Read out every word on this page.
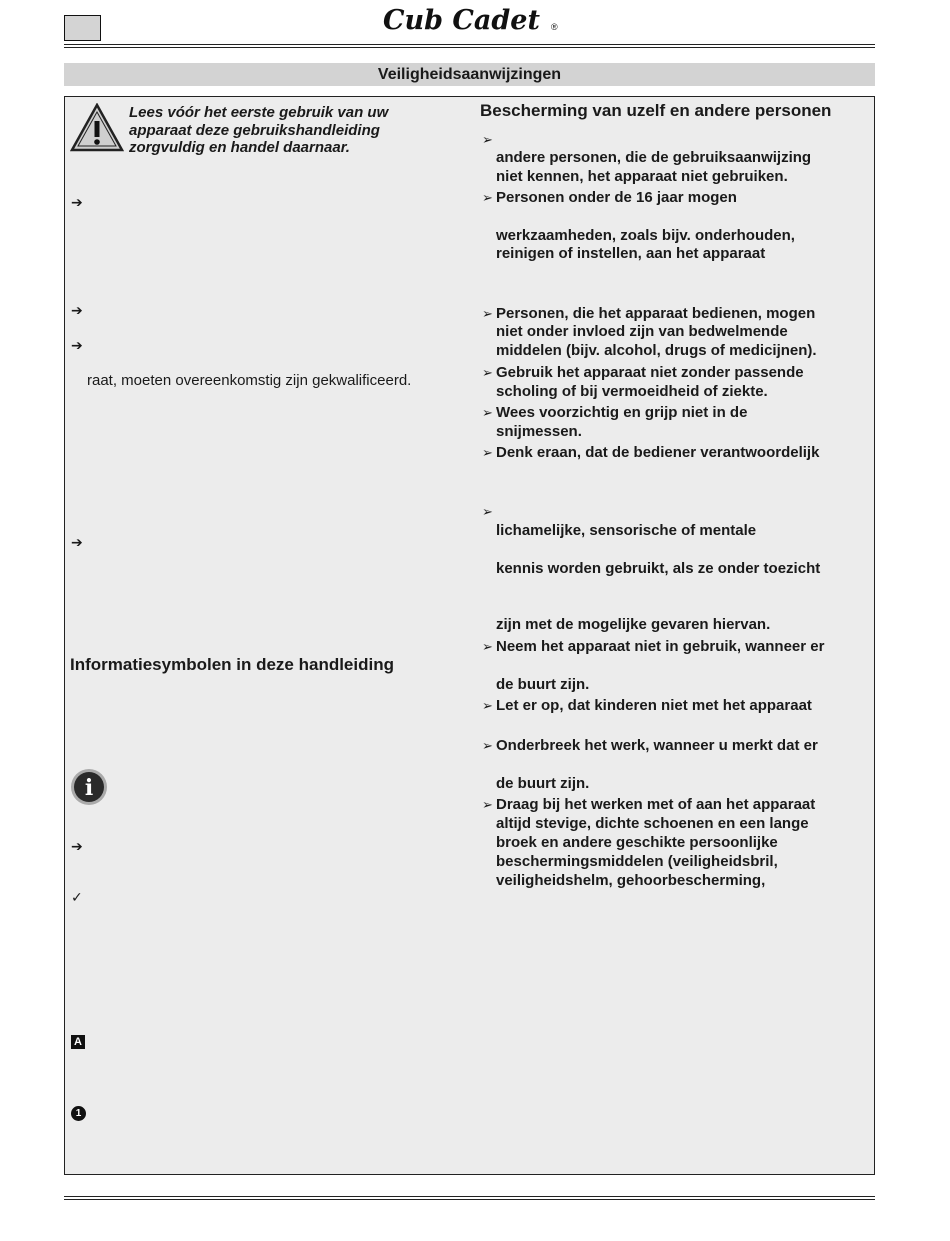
Cub Cadet ®
Veiligheidsaanwijzingen
Lees vóór het eerste gebruik van uw
apparaat deze gebruikshandleiding
zorgvuldig en handel daarnaar.
➔
➔
➔
raat, moeten overeenkomstig zijn gekwalificeerd.
➔
Informatiesymbolen in deze handleiding
i
➔
✓
A
1
Bescherming van uzelf en andere personen
➢
andere personen, die de gebruiksaanwijzing
niet kennen, het apparaat niet gebruiken.
➢ Personen onder de 16 jaar mogen
werkzaamheden, zoals bijv. onderhouden,
reinigen of instellen, aan het apparaat
➢ Personen, die het apparaat bedienen, mogen
niet onder invloed zijn van bedwelmende
middelen (bijv. alcohol, drugs of medicijnen).
➢ Gebruik het apparaat niet zonder passende
scholing of bij vermoeidheid of ziekte.
➢ Wees voorzichtig en grijp niet in de
snijmessen.
➢ Denk eraan, dat de bediener verantwoordelijk
➢
lichamelijke, sensorische of mentale
kennis worden gebruikt, als ze onder toezicht
zijn met de mogelijke gevaren hiervan.
➢ Neem het apparaat niet in gebruik, wanneer er
de buurt zijn.
➢ Let er op, dat kinderen niet met het apparaat
➢ Onderbreek het werk, wanneer u merkt dat er
de buurt zijn.
➢ Draag bij het werken met of aan het apparaat
altijd stevige, dichte schoenen en een lange
broek en andere geschikte persoonlijke
beschermingsmiddelen (veiligheidsbril,
veiligheidshelm, gehoorbescherming,
